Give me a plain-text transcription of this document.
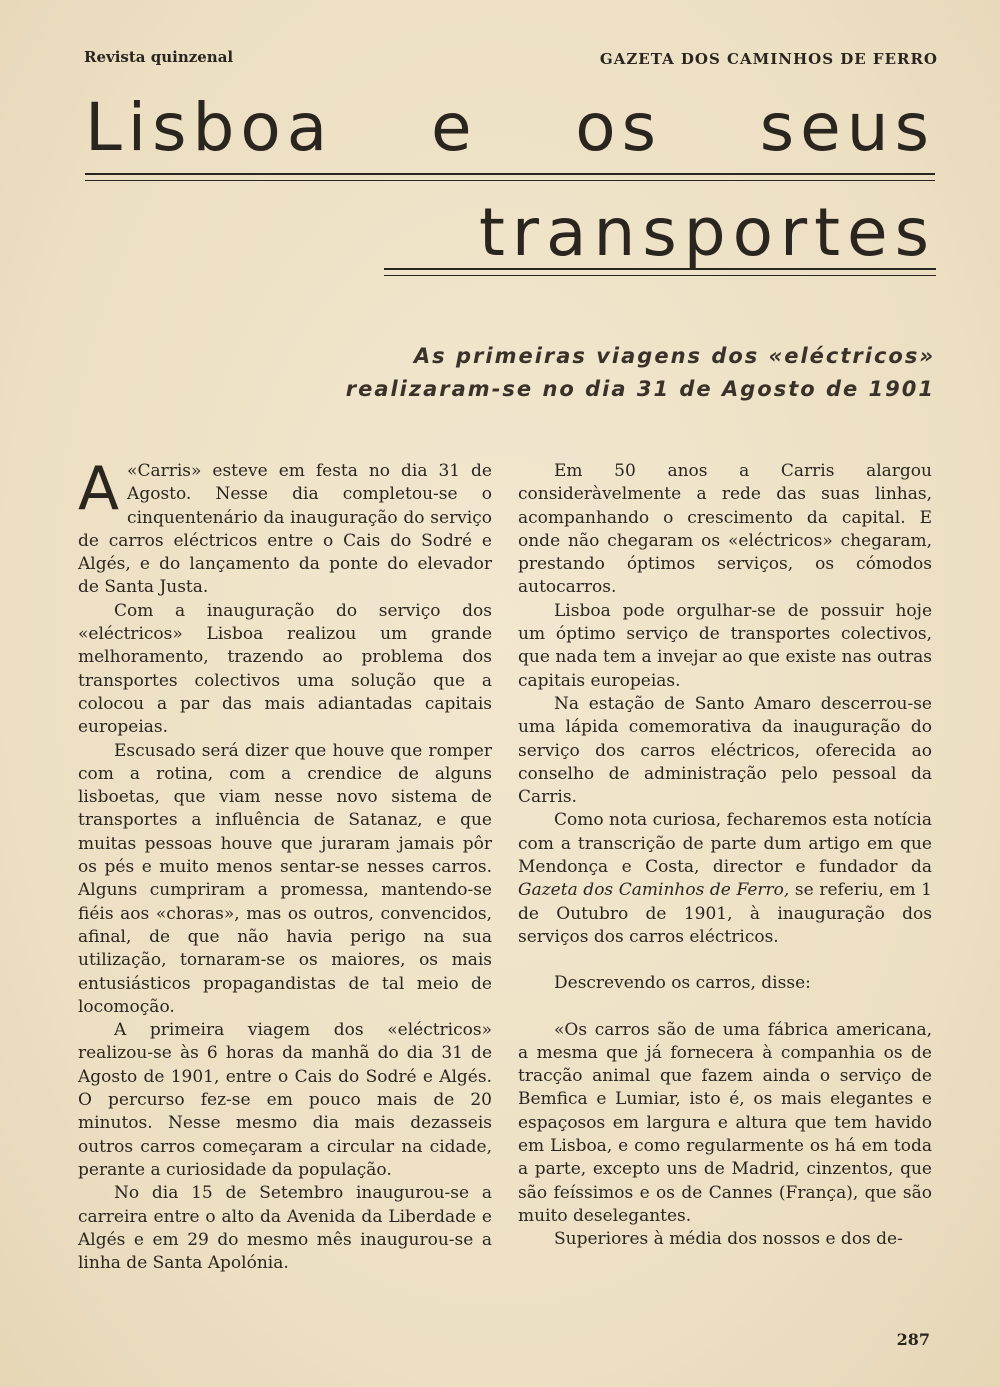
Revista quinzenal	GAZETA DOS CAMINHOS DE FERRO
Lisboa e os seus
transportes
As primeiras viagens dos «eléctricos»
realizaram-se no dia 31 de Agosto de 1901

A «Carris» esteve em festa no dia 31 de Agosto. Nesse dia completou-se o cinquentenário da inauguração do serviço de carros eléctricos entre o Cais do Sodré e Algés, e do lançamento da ponte do elevador de Santa Justa.

Com a inauguração do serviço dos «eléctricos» Lisboa realizou um grande melhoramento, trazendo ao problema dos transportes colectivos uma solução que a colocou a par das mais adiantadas capitais europeias.

Escusado será dizer que houve que romper com a rotina, com a crendice de alguns lisboetas, que viam nesse novo sistema de transportes a influência de Satanaz, e que muitas pessoas houve que juraram jamais pôr os pés e muito menos sentar-se nesses carros. Alguns cumpriram a promessa, mantendo-se fiéis aos «choras», mas os outros, convencidos, afinal, de que não havia perigo na sua utilização, tornaram-se os maiores, os mais entusiásticos propagandistas de tal meio de locomoção.

A primeira viagem dos «eléctricos» realizou-se às 6 horas da manhã do dia 31 de Agosto de 1901, entre o Cais do Sodré e Algés. O percurso fez-se em pouco mais de 20 minutos. Nesse mesmo dia mais dezasseis outros carros começaram a circular na cidade, perante a curiosidade da população.

No dia 15 de Setembro inaugurou-se a carreira entre o alto da Avenida da Liberdade e Algés e em 29 do mesmo mês inaugurou-se a linha de Santa Apolónia.

Em 50 anos a Carris alargou consideràvelmente a rede das suas linhas, acompanhando o crescimento da capital. E onde não chegaram os «eléctricos» chegaram, prestando óptimos serviços, os cómodos autocarros.

Lisboa pode orgulhar-se de possuir hoje um óptimo serviço de transportes colectivos, que nada tem a invejar ao que existe nas outras capitais europeias.

Na estação de Santo Amaro descerrou-se uma lápida comemorativa da inauguração do serviço dos carros eléctricos, oferecida ao conselho de administração pelo pessoal da Carris.

Como nota curiosa, fecharemos esta notícia com a transcrição de parte dum artigo em que Mendonça e Costa, director e fundador da Gazeta dos Caminhos de Ferro, se referiu, em 1 de Outubro de 1901, à inauguração dos serviços dos carros eléctricos.

Descrevendo os carros, disse:

«Os carros são de uma fábrica americana, a mesma que já fornecera à companhia os de tracção animal que fazem ainda o serviço de Bemfica e Lumiar, isto é, os mais elegantes e espaçosos em largura e altura que tem havido em Lisboa, e como regularmente os há em toda a parte, excepto uns de Madrid, cinzentos, que são feíssimos e os de Cannes (França), que são muito deselegantes.

Superiores à média dos nossos e dos de-

287
